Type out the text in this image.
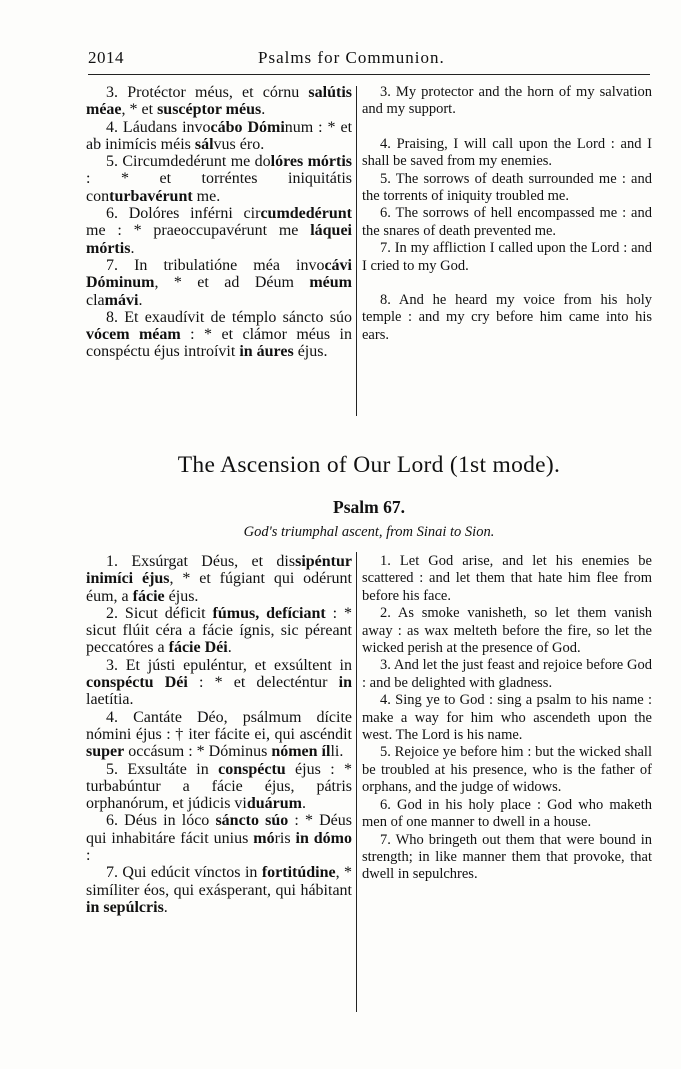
2014	Psalms for Communion.

3. Protéctor méus, et córnu salútis méae, * et suscéptor méus.

4. Láudans invocábo Dóminum : * et ab inimícis méis sálvus éro.

5. Circumdedérunt me dolóres mórtis : * et torréntes iniquitátis conturbavérunt me.

6. Dolóres inférni circumdedérunt me : * praeoccupavérunt me láquei mórtis.

7. In tribulatióne méa invocávi Dóminum, * et ad Déum méum clamávi.

8. Et exaudívit de témplo sáncto súo vócem méam : * et clámor méus in conspéctu éjus introívit in áures éjus.

3. My protector and the horn of my salvation and my support.

4. Praising, I will call upon the Lord : and I shall be saved from my enemies.

5. The sorrows of death surrounded me : and the torrents of iniquity troubled me.

6. The sorrows of hell encompassed me : and the snares of death prevented me.

7. In my affliction I called upon the Lord : and I cried to my God.

8. And he heard my voice from his holy temple : and my cry before him came into his ears.

The Ascension of Our Lord (1st mode).
Psalm 67.
God's triumphal ascent, from Sinai to Sion.

1. Exsúrgat Déus, et dissipéntur inimíci éjus, * et fúgiant qui odérunt éum, a fácie éjus.

2. Sicut déficit fúmus, defíciant : * sicut flúit céra a fácie ígnis, sic péreant peccatóres a fácie Déi.

3. Et jústi epuléntur, et exsúltent in conspéctu Déi : * et delecténtur in laetítia.

4. Cantáte Déo, psálmum dícite nómini éjus : † iter fácite ei, qui ascéndit super occásum : * Dóminus nómen ílli.

5. Exsultáte in conspéctu éjus : * turbabúntur a fácie éjus, pátris orphanórum, et júdicis viduárum.

6. Déus in lóco sáncto súo : * Déus qui inhabitáre fácit unius móris in dómo :

7. Qui edúcit vínctos in fortitúdine, * simíliter éos, qui exásperant, qui hábitant in sepúlcris.

1. Let God arise, and let his enemies be scattered : and let them that hate him flee from before his face.

2. As smoke vanisheth, so let them vanish away : as wax melteth before the fire, so let the wicked perish at the presence of God.

3. And let the just feast and rejoice before God : and be delighted with gladness.

4. Sing ye to God : sing a psalm to his name : make a way for him who ascendeth upon the west. The Lord is his name.

5. Rejoice ye before him : but the wicked shall be troubled at his presence, who is the father of orphans, and the judge of widows.

6. God in his holy place : God who maketh men of one manner to dwell in a house.

7. Who bringeth out them that were bound in strength; in like manner them that provoke, that dwell in sepulchres.
